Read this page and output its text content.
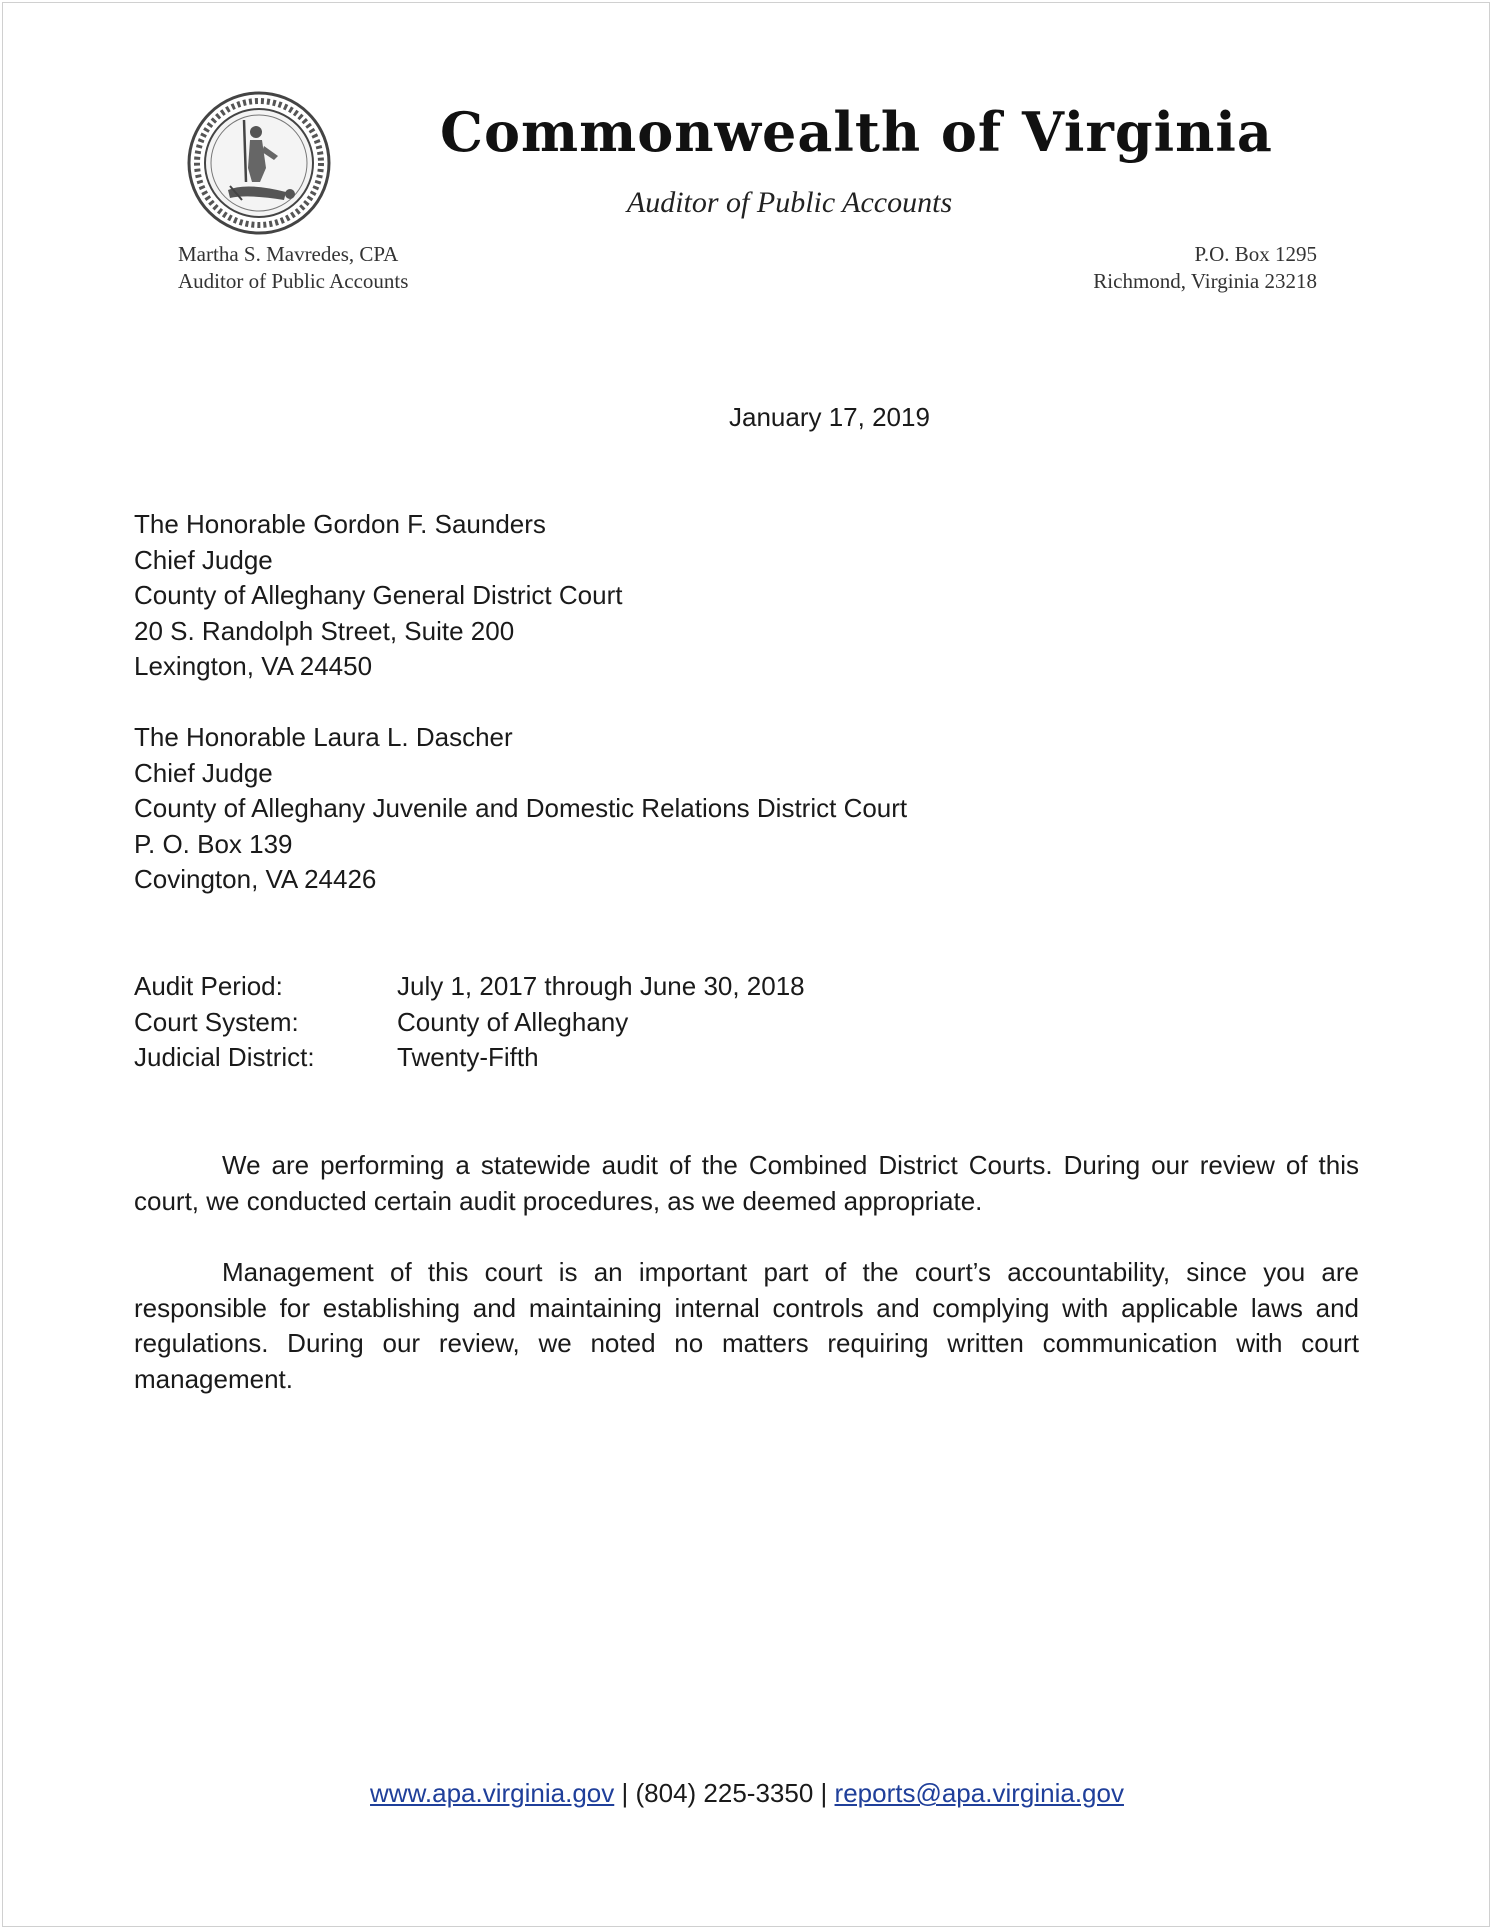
Commonwealth of Virginia
Auditor of Public Accounts
Martha S. Mavredes, CPA
Auditor of Public Accounts
P.O. Box 1295
Richmond, Virginia 23218
January 17, 2019
The Honorable Gordon F. Saunders
Chief Judge
County of Alleghany General District Court
20 S. Randolph Street, Suite 200
Lexington, VA 24450
The Honorable Laura L. Dascher
Chief Judge
County of Alleghany Juvenile and Domestic Relations District Court
P. O. Box 139
Covington, VA 24426
Audit Period:	July 1, 2017 through June 30, 2018
Court System:	County of Alleghany
Judicial District:	Twenty-Fifth
We are performing a statewide audit of the Combined District Courts. During our review of this court, we conducted certain audit procedures, as we deemed appropriate.
Management of this court is an important part of the court’s accountability, since you are responsible for establishing and maintaining internal controls and complying with applicable laws and regulations. During our review, we noted no matters requiring written communication with court management.
www.apa.virginia.gov | (804) 225-3350 | reports@apa.virginia.gov
